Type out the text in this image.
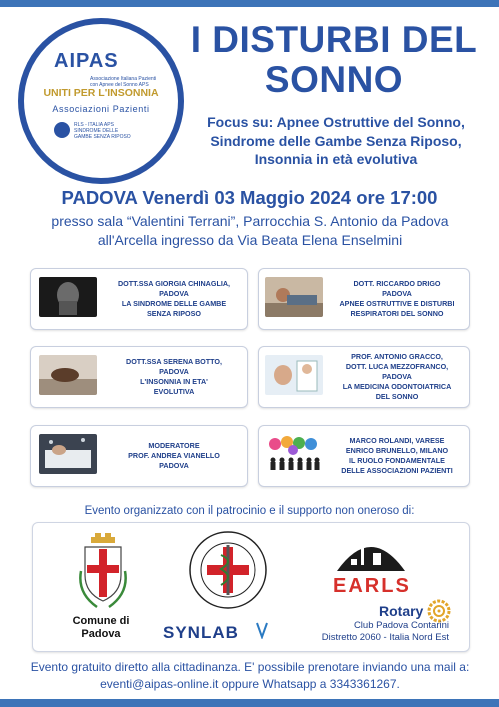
Associazione Italiana Pazienti con Apnee del Sonno APS
AIPAS
UNITI PER L'INSONNIA
Associazioni Pazienti
RLS - ITALIA APS SINDROME DELLE GAMBE SENZA RIPOSO
I DISTURBI DEL SONNO
Focus su: Apnee Ostruttive del Sonno, Sindrome delle Gambe Senza Riposo, Insonnia in età evolutiva
PADOVA Venerdì 03 Maggio 2024 ore 17:00
presso sala “Valentini Terrani”, Parrocchia S. Antonio da Padova all'Arcella ingresso da Via Beata Elena Enselmini
DOTT.SSA GIORGIA CHINAGLIA,
PADOVA
LA SINDROME DELLE GAMBE
SENZA RIPOSO
DOTT. RICCARDO DRIGO
PADOVA
APNEE OSTRUTTIVE E DISTURBI
RESPIRATORI DEL SONNO
DOTT.SSA SERENA BOTTO,
PADOVA
L'INSONNIA IN ETA'
EVOLUTIVA
PROF. ANTONIO GRACCO,
DOTT. LUCA MEZZOFRANCO,
PADOVA
LA MEDICINA ODONTOIATRICA
DEL SONNO
MODERATORE
PROF. ANDREA VIANELLO
PADOVA
MARCO ROLANDI, VARESE
ENRICO BRUNELLO, MILANO
IL RUOLO FONDAMENTALE
DELLE ASSOCIAZIONI PAZIENTI
Evento organizzato con il patrocinio e il supporto non oneroso di:
Comune di Padova	SYNLAB
EARLS
Rotary
Club Padova Contarini
Distretto 2060 - Italia Nord Est
Evento gratuito diretto alla cittadinanza. E' possibile prenotare inviando una mail a: eventi@aipas-online.it oppure Whatsapp a 3343361267.
